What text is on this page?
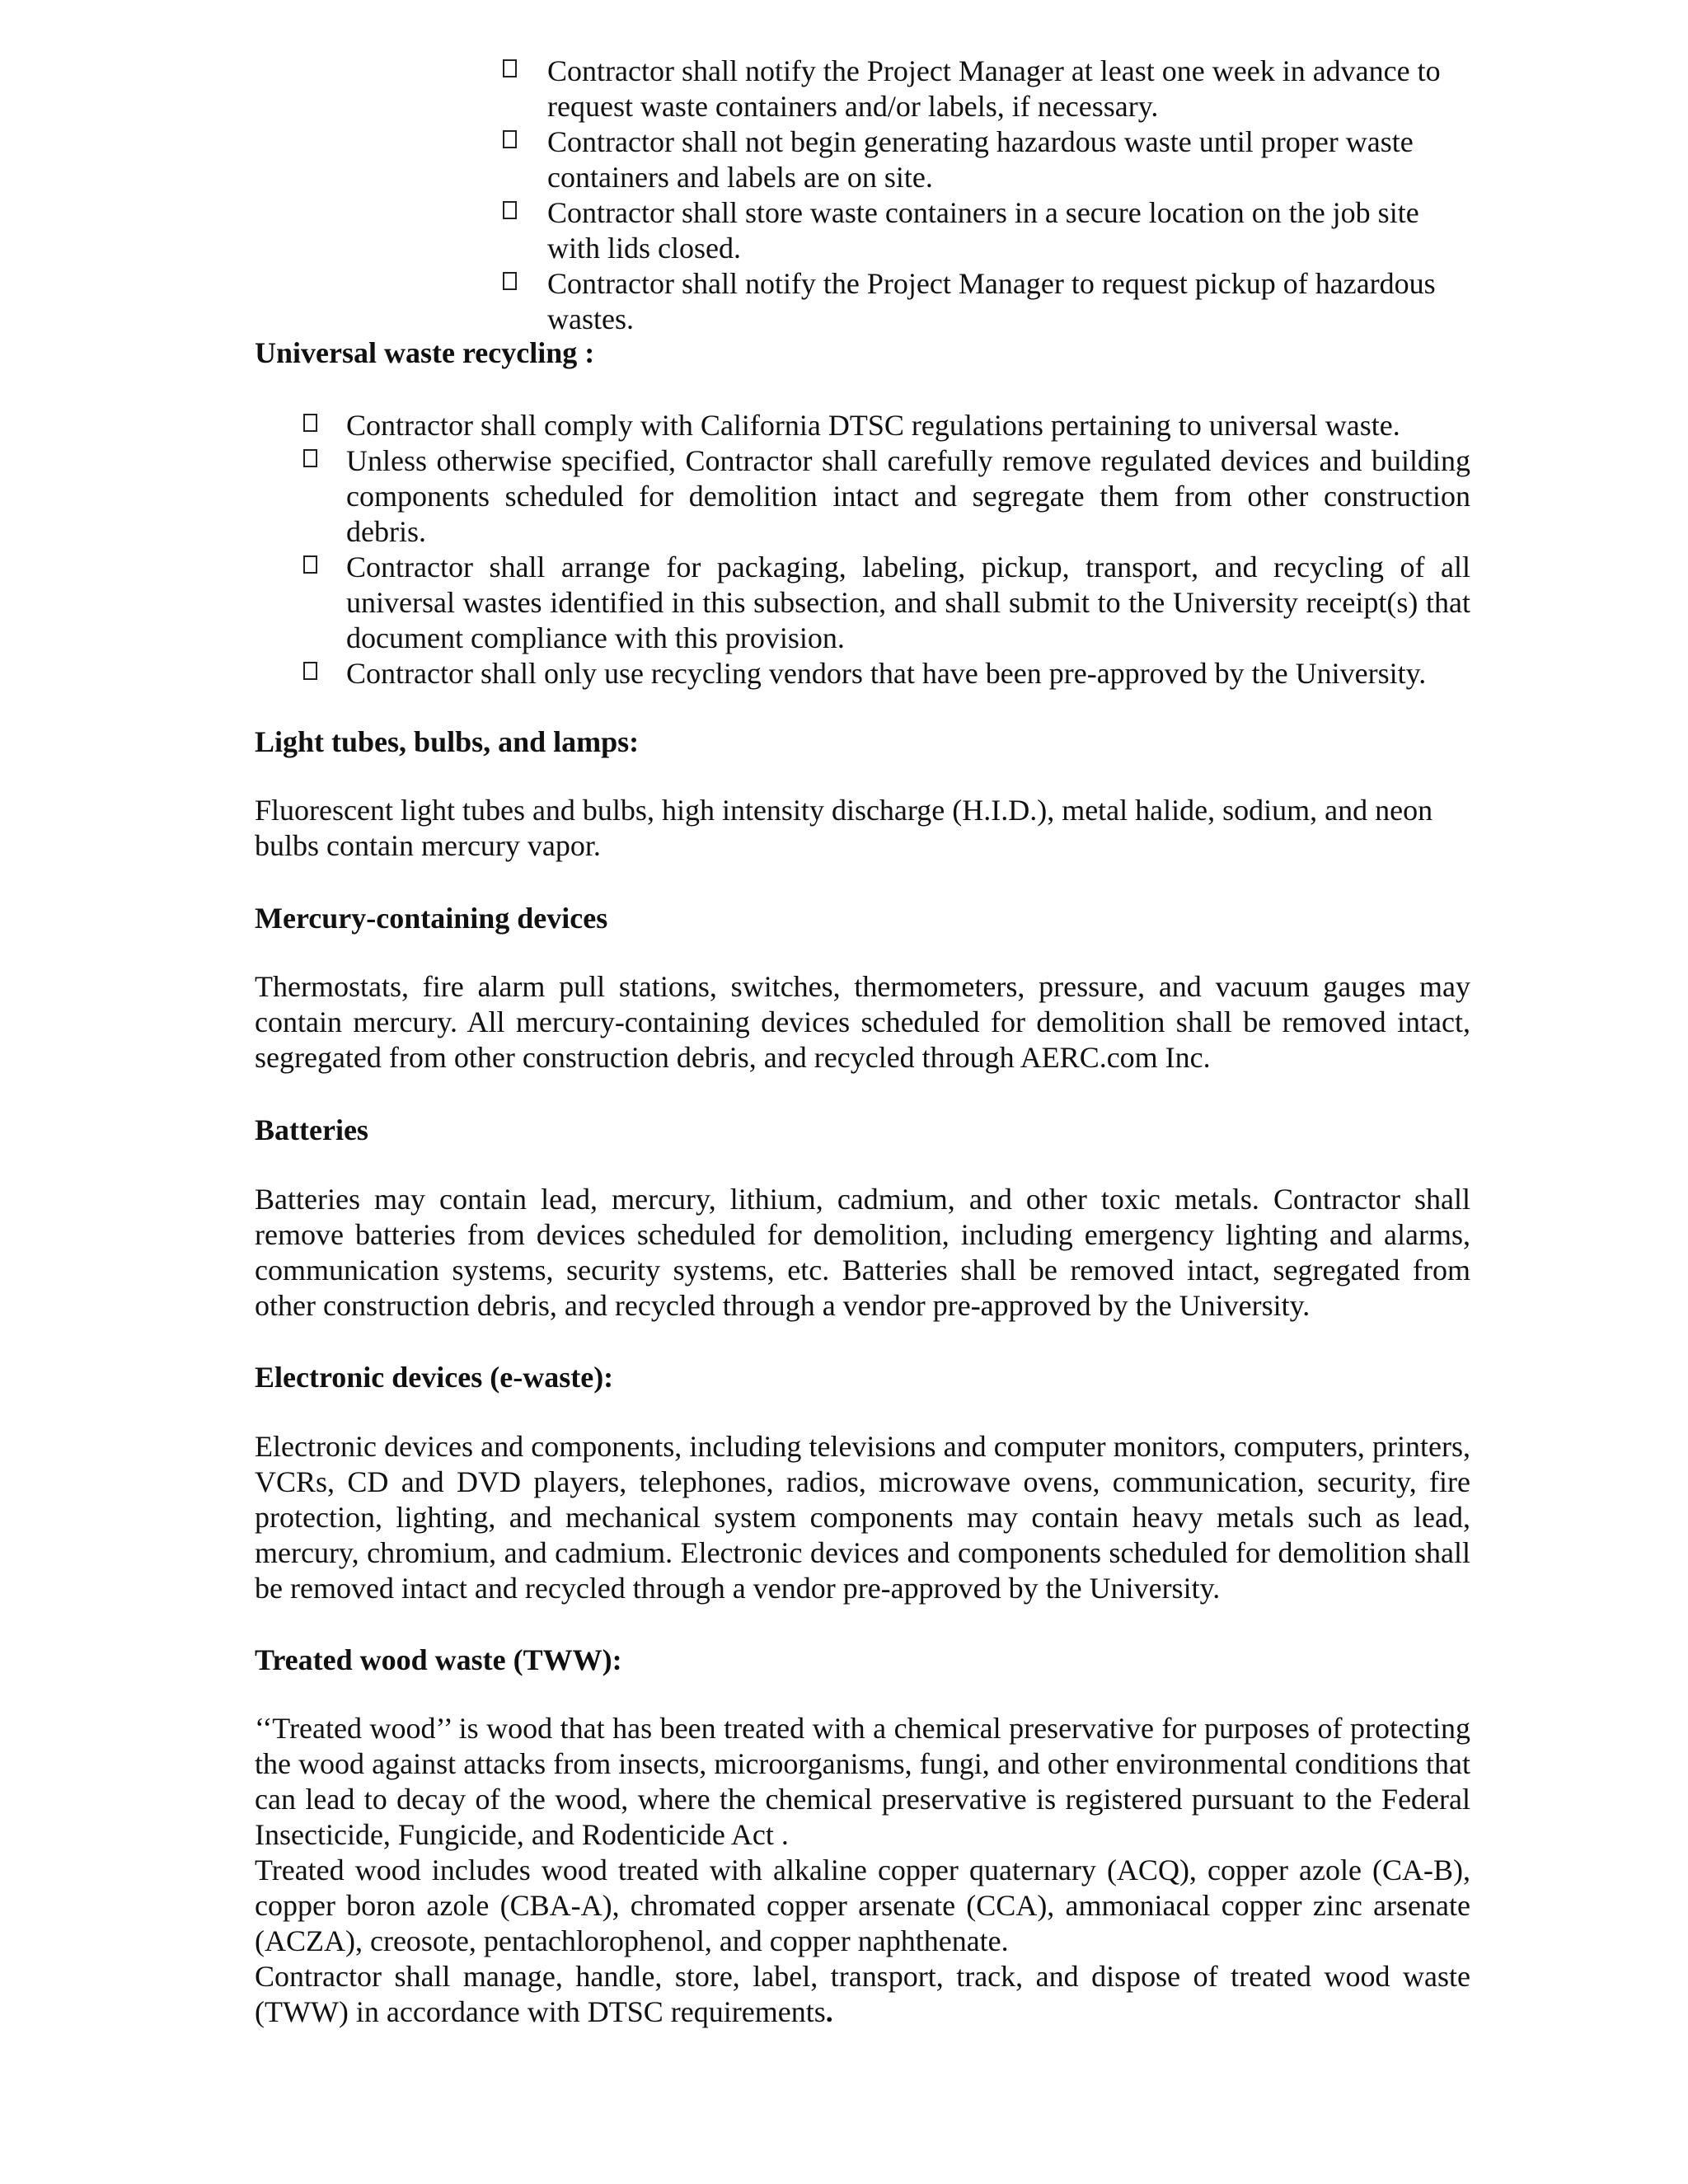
Contractor shall notify the Project Manager at least one week in advance to request waste containers and/or labels, if necessary.
Contractor shall not begin generating hazardous waste until proper waste containers and labels are on site.
Contractor shall store waste containers in a secure location on the job site with lids closed.
Contractor shall notify the Project Manager to request pickup of hazardous wastes.
Universal waste recycling :
Contractor shall comply with California DTSC regulations pertaining to universal waste.
Unless otherwise specified, Contractor shall carefully remove regulated devices and building components scheduled for demolition intact and segregate them from other construction debris.
Contractor shall arrange for packaging, labeling, pickup, transport, and recycling of all universal wastes identified in this subsection, and shall submit to the University receipt(s) that document compliance with this provision.
Contractor shall only use recycling vendors that have been pre-approved by the University.
Light tubes, bulbs, and lamps:
Fluorescent light tubes and bulbs, high intensity discharge (H.I.D.), metal halide, sodium, and neon bulbs contain mercury vapor.
Mercury-containing devices
Thermostats, fire alarm pull stations, switches, thermometers, pressure, and vacuum gauges may contain mercury. All mercury-containing devices scheduled for demolition shall be removed intact, segregated from other construction debris, and recycled through AERC.com Inc.
Batteries
Batteries may contain lead, mercury, lithium, cadmium, and other toxic metals. Contractor shall remove batteries from devices scheduled for demolition, including emergency lighting and alarms, communication systems, security systems, etc. Batteries shall be removed intact, segregated from other construction debris, and recycled through a vendor pre-approved by the University.
Electronic devices (e-waste):
Electronic devices and components, including televisions and computer monitors, computers, printers, VCRs, CD and DVD players, telephones, radios, microwave ovens, communication, security, fire protection, lighting, and mechanical system components may contain heavy metals such as lead, mercury, chromium, and cadmium. Electronic devices and components scheduled for demolition shall be removed intact and recycled through a vendor pre-approved by the University.
Treated wood waste (TWW):
‘‘Treated wood’’ is wood that has been treated with a chemical preservative for purposes of protecting the wood against attacks from insects, microorganisms, fungi, and other environmental conditions that can lead to decay of the wood, where the chemical preservative is registered pursuant to the Federal Insecticide, Fungicide, and Rodenticide Act .
Treated wood includes wood treated with alkaline copper quaternary (ACQ), copper azole (CA-B), copper boron azole (CBA-A), chromated copper arsenate (CCA), ammoniacal copper zinc arsenate (ACZA), creosote, pentachlorophenol, and copper naphthenate.
Contractor shall manage, handle, store, label, transport, track, and dispose of treated wood waste (TWW) in accordance with DTSC requirements.
